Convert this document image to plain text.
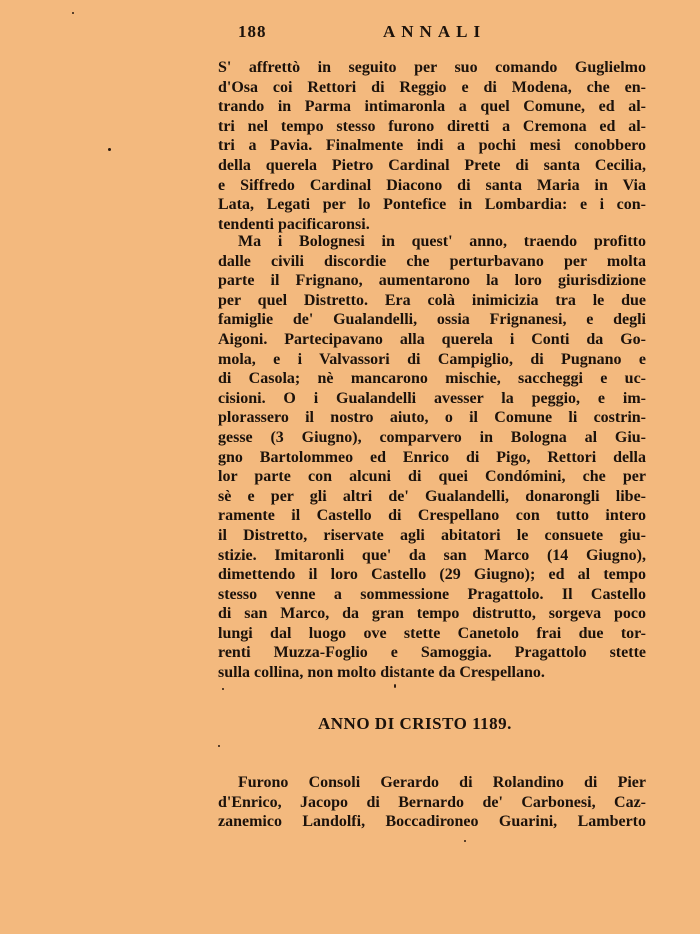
188	ANNALI

S' affrettò in seguito per suo comando Guglielmo

d'Osa coi Rettori di Reggio e di Modena, che en-

trando in Parma intimaronla a quel Comune, ed al-

tri nel tempo stesso furono diretti a Cremona ed al-

tri a Pavia. Finalmente indi a pochi mesi conobbero

della querela Pietro Cardinal Prete di santa Cecilia,

e Siffredo Cardinal Diacono di santa Maria in Via

Lata, Legati per lo Pontefice in Lombardia: e i con-

tendenti pacificaronsi.

Ma i Bolognesi in quest' anno, traendo profitto

dalle civili discordie che perturbavano per molta

parte il Frignano, aumentarono la loro giurisdizione

per quel Distretto. Era colà inimicizia tra le due

famiglie de' Gualandelli, ossia Frignanesi, e degli

Aigoni. Partecipavano alla querela i Conti da Go-

mola, e i Valvassori di Campiglio, di Pugnano e

di Casola; nè mancarono mischie, saccheggi e uc-

cisioni. O i Gualandelli avesser la peggio, e im-

plorassero il nostro aiuto, o il Comune li costrin-

gesse (3 Giugno), comparvero in Bologna al Giu-

gno Bartolommeo ed Enrico di Pigo, Rettori della

lor parte con alcuni di quei Condómini, che per

sè e per gli altri de' Gualandelli, donarongli libe-

ramente il Castello di Crespellano con tutto intero

il Distretto, riservate agli abitatori le consuete giu-

stizie. Imitaronli que' da san Marco (14 Giugno),

dimettendo il loro Castello (29 Giugno); ed al tempo

stesso venne a sommessione Pragattolo. Il Castello

di san Marco, da gran tempo distrutto, sorgeva poco

lungi dal luogo ove stette Canetolo frai due tor-

renti Muzza-Foglio e Samoggia. Pragattolo stette

sulla collina, non molto distante da Crespellano.

ANNO DI CRISTO 1189.

Furono Consoli Gerardo di Rolandino di Pier

d'Enrico, Jacopo di Bernardo de' Carbonesi, Caz-

zanemico Landolfi, Boccadironeo Guarini, Lamberto
